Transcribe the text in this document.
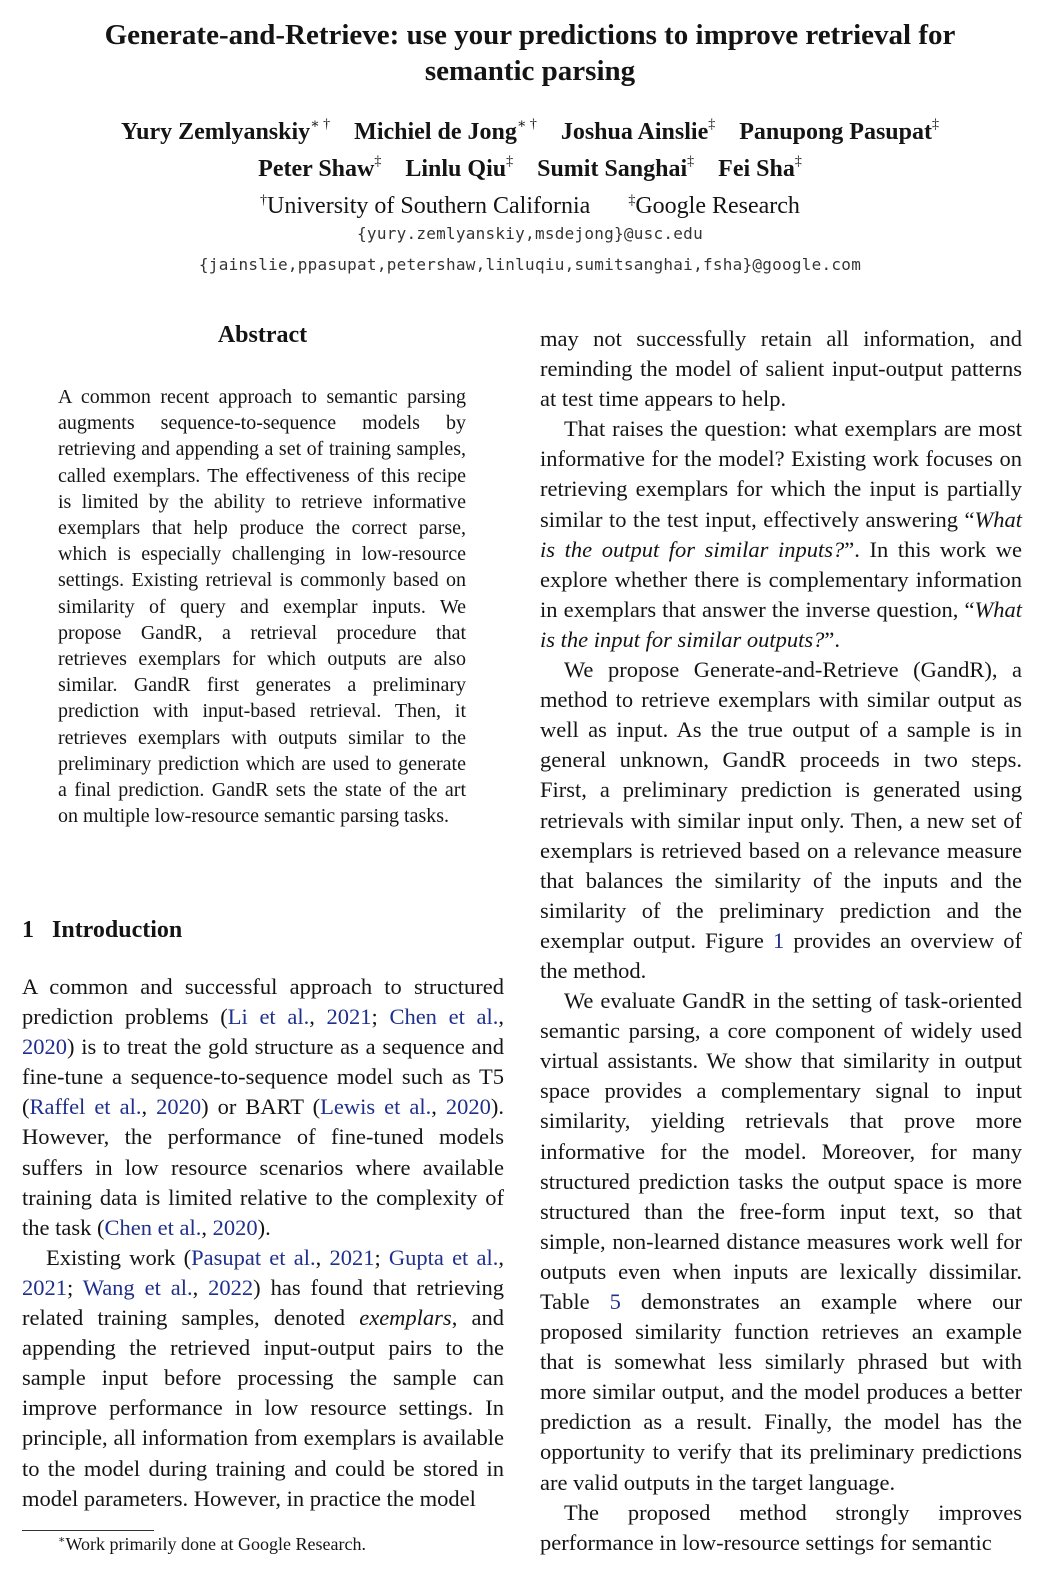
Generate-and-Retrieve: use your predictions to improve retrieval for
semantic parsing
Yury Zemlyanskiy∗ † Michiel de Jong∗ † Joshua Ainslie‡ Panupong Pasupat‡
Peter Shaw‡ Linlu Qiu‡ Sumit Sanghai‡ Fei Sha‡
†University of Southern California	‡Google Research
{yury.zemlyanskiy,msdejong}@usc.edu
{jainslie,ppasupat,petershaw,linluqiu,sumitsanghai,fsha}@google.com
Abstract
A common recent approach to semantic parsing augments sequence-to-sequence models by retrieving and appending a set of training samples, called exemplars. The effectiveness of this recipe is limited by the ability to retrieve informative exemplars that help produce the correct parse, which is especially challenging in low-resource settings. Existing retrieval is commonly based on similarity of query and exemplar inputs. We propose GandR, a retrieval procedure that retrieves exemplars for which outputs are also similar. GandR first generates a preliminary prediction with input-based retrieval. Then, it retrieves exemplars with outputs similar to the preliminary prediction which are used to generate a final prediction. GandR sets the state of the art on multiple low-resource semantic parsing tasks.
1 Introduction

A common and successful approach to structured prediction problems (Li et al., 2021; Chen et al., 2020) is to treat the gold structure as a sequence and fine-tune a sequence-to-sequence model such as T5 (Raffel et al., 2020) or BART (Lewis et al., 2020). However, the performance of fine-tuned models suffers in low resource scenarios where available training data is limited relative to the complexity of the task (Chen et al., 2020).

Existing work (Pasupat et al., 2021; Gupta et al., 2021; Wang et al., 2022) has found that retrieving related training samples, denoted exemplars, and appending the retrieved input-output pairs to the sample input before processing the sample can improve performance in low resource settings. In principle, all information from exemplars is available to the model during training and could be stored in model parameters. However, in practice the model

may not successfully retain all information, and reminding the model of salient input-output patterns at test time appears to help.

That raises the question: what exemplars are most informative for the model? Existing work focuses on retrieving exemplars for which the input is partially similar to the test input, effectively answering “What is the output for similar inputs?”. In this work we explore whether there is complementary information in exemplars that answer the inverse question, “What is the input for similar outputs?”.

We propose Generate-and-Retrieve (GandR), a method to retrieve exemplars with similar output as well as input. As the true output of a sample is in general unknown, GandR proceeds in two steps. First, a preliminary prediction is generated using retrievals with similar input only. Then, a new set of exemplars is retrieved based on a relevance measure that balances the similarity of the inputs and the similarity of the preliminary prediction and the exemplar output. Figure 1 provides an overview of the method.

We evaluate GandR in the setting of task-oriented semantic parsing, a core component of widely used virtual assistants. We show that similarity in output space provides a complementary signal to input similarity, yielding retrievals that prove more informative for the model. Moreover, for many structured prediction tasks the output space is more structured than the free-form input text, so that simple, non-learned distance measures work well for outputs even when inputs are lexically dissimilar. Table 5 demonstrates an example where our proposed similarity function retrieves an example that is somewhat less similarly phrased but with more similar output, and the model produces a better prediction as a result. Finally, the model has the opportunity to verify that its preliminary predictions are valid outputs in the target language.

The proposed method strongly improves performance in low-resource settings for semantic

∗Work primarily done at Google Research.
